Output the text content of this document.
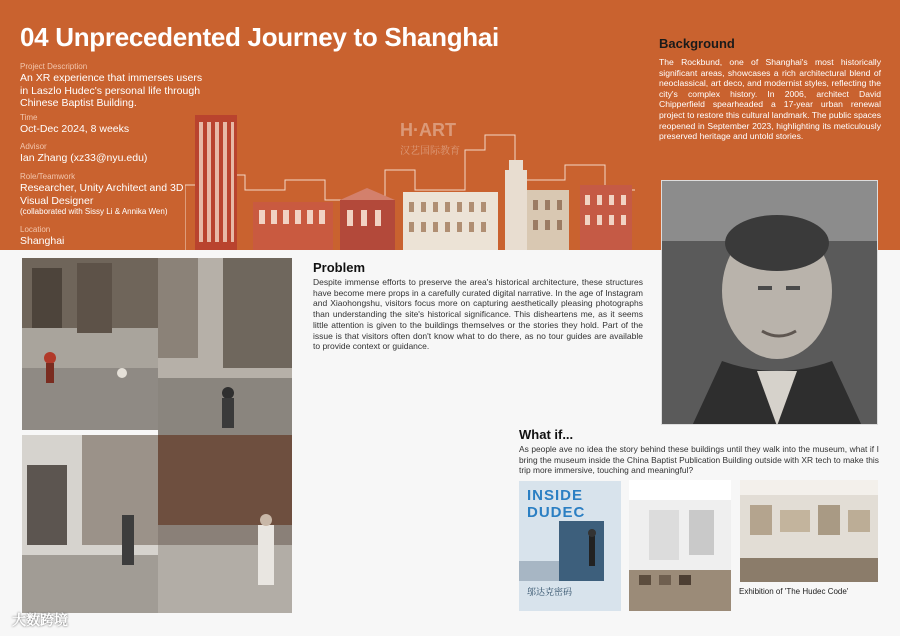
04 Unprecedented Journey to Shanghai
Project Description
An XR experience that immerses users in Laszlo Hudec's personal life through Chinese Baptist Building.
Time
Oct-Dec 2024, 8 weeks
Advisor
Ian Zhang (xz33@nyu.edu)
Role/Teamwork
Researcher, Unity Architect and 3D Visual Designer
(collaborated with Sissy Li & Annika Wen)
Location
Shanghai
Background

The Rockbund, one of Shanghai's most historically significant areas, showcases a rich architectural blend of neoclassical, art deco, and modernist styles, reflecting the city's complex history. In 2006, architect David Chipperfield spearheaded a 17-year urban renewal project to restore this cultural landmark. The public spaces reopened in September 2023, highlighting its meticulously preserved heritage and untold stories.

Problem

Despite immense efforts to preserve the area's historical architecture, these structures have become mere props in a carefully curated digital narrative. In the age of Instagram and Xiaohongshu, visitors focus more on capturing aesthetically pleasing photographs than understanding the site's historical significance. This disheartens me, as it seems little attention is given to the buildings themselves or the stories they hold. Part of the issue is that visitors often don't know what to do there, as no tour guides are available to provide context or guidance.

What if...

As people ave no idea the story behind these buildings until they walk into the museum, what if I bring the museum inside the China Baptist Publication Building outside with XR tech to make this trip more immersive, touching and meaningful?

INSIDE
DUDEC
邬达克密码	Exhibition of 'The Hudec Code'
H·ART
汉艺国际教育
大数跨境
